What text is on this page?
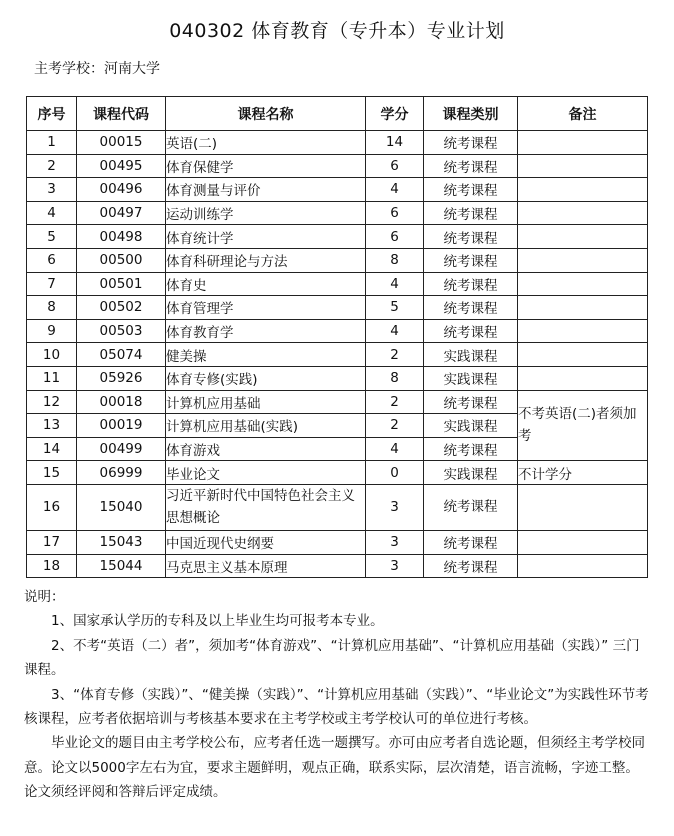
040302 体育教育（专升本）专业计划
主考学校：河南大学
序号	课程代码	课程名称	学分	课程类别	备注
1	00015	英语(二)	14	统考课程	
2	00495	体育保健学	6	统考课程	
3	00496	体育测量与评价	4	统考课程	
4	00497	运动训练学	6	统考课程	
5	00498	体育统计学	6	统考课程	
6	00500	体育科研理论与方法	8	统考课程	
7	00501	体育史	4	统考课程	
8	00502	体育管理学	5	统考课程	
9	00503	体育教育学	4	统考课程	
10	05074	健美操	2	实践课程	
11	05926	体育专修(实践)	8	实践课程	
12	00018	计算机应用基础	2	统考课程	不考英语(二)者须加考
13	00019	计算机应用基础(实践)	2	实践课程	
14	00499	体育游戏	4	统考课程	
15	06999	毕业论文	0	实践课程	不计学分
16	15040	习近平新时代中国特色社会主义思想概论	3	统考课程	
17	15043	中国近现代史纲要	3	统考课程	
18	15044	马克思主义基本原理	3	统考课程	

说明：

1、国家承认学历的专科及以上毕业生均可报考本专业。

2、不考“英语（二）者”，须加考“体育游戏”、“计算机应用基础”、“计算机应用基础（实践）” 三门课程。

3、“体育专修（实践）”、“健美操（实践）”、“计算机应用基础（实践）”、“毕业论文”为实践性环节考核课程，应考者依据培训与考核基本要求在主考学校或主考学校认可的单位进行考核。

毕业论文的题目由主考学校公布，应考者任选一题撰写。亦可由应考者自选论题，但须经主考学校同意。论文以5000字左右为宜，要求主题鲜明，观点正确，联系实际，层次清楚，语言流畅，字迹工整。论文须经评阅和答辩后评定成绩。
